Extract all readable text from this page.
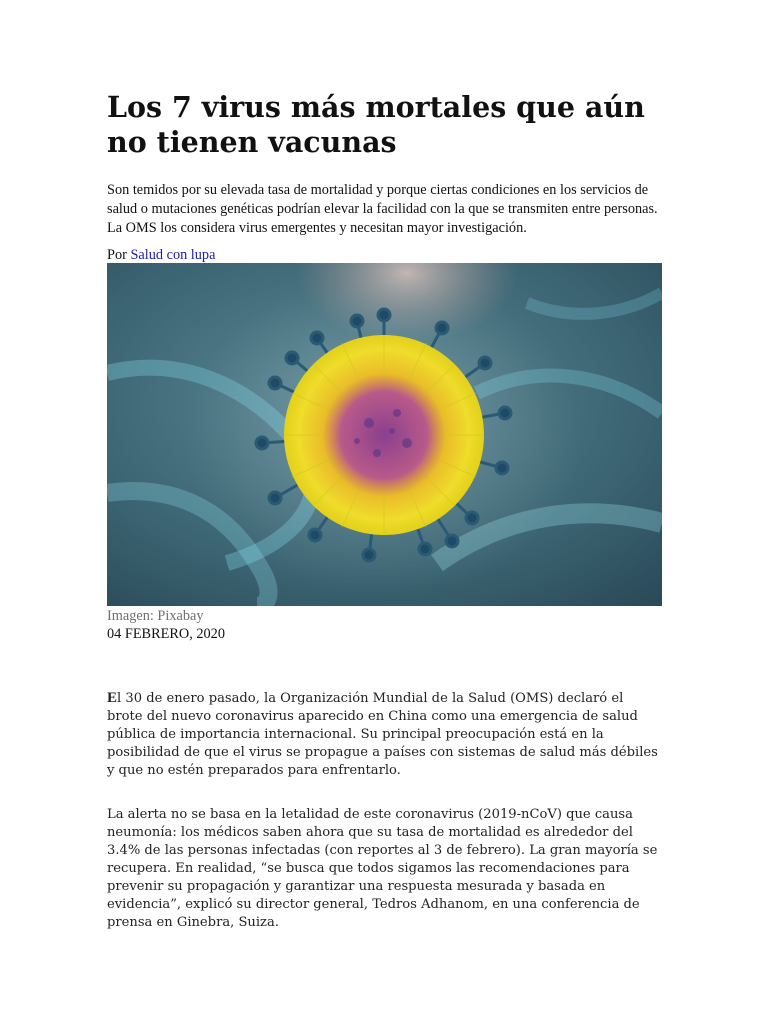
Los 7 virus más mortales que aún no tienen vacunas

Son temidos por su elevada tasa de mortalidad y porque ciertas condiciones en los servicios de salud o mutaciones genéticas podrían elevar la facilidad con la que se transmiten entre personas. La OMS los considera virus emergentes y necesitan mayor investigación.

Por Salud con lupa
Imagen: Pixabay
04 FEBRERO, 2020

El 30 de enero pasado, la Organización Mundial de la Salud (OMS) declaró el brote del nuevo coronavirus aparecido en China como una emergencia de salud pública de importancia internacional. Su principal preocupación está en la posibilidad de que el virus se propague a países con sistemas de salud más débiles y que no estén preparados para enfrentarlo.

La alerta no se basa en la letalidad de este coronavirus (2019-nCoV) que causa neumonía: los médicos saben ahora que su tasa de mortalidad es alrededor del 3.4% de las personas infectadas (con reportes al 3 de febrero). La gran mayoría se recupera. En realidad, “se busca que todos sigamos las recomendaciones para prevenir su propagación y garantizar una respuesta mesurada y basada en evidencia”, explicó su director general, Tedros Adhanom, en una conferencia de prensa en Ginebra, Suiza.
